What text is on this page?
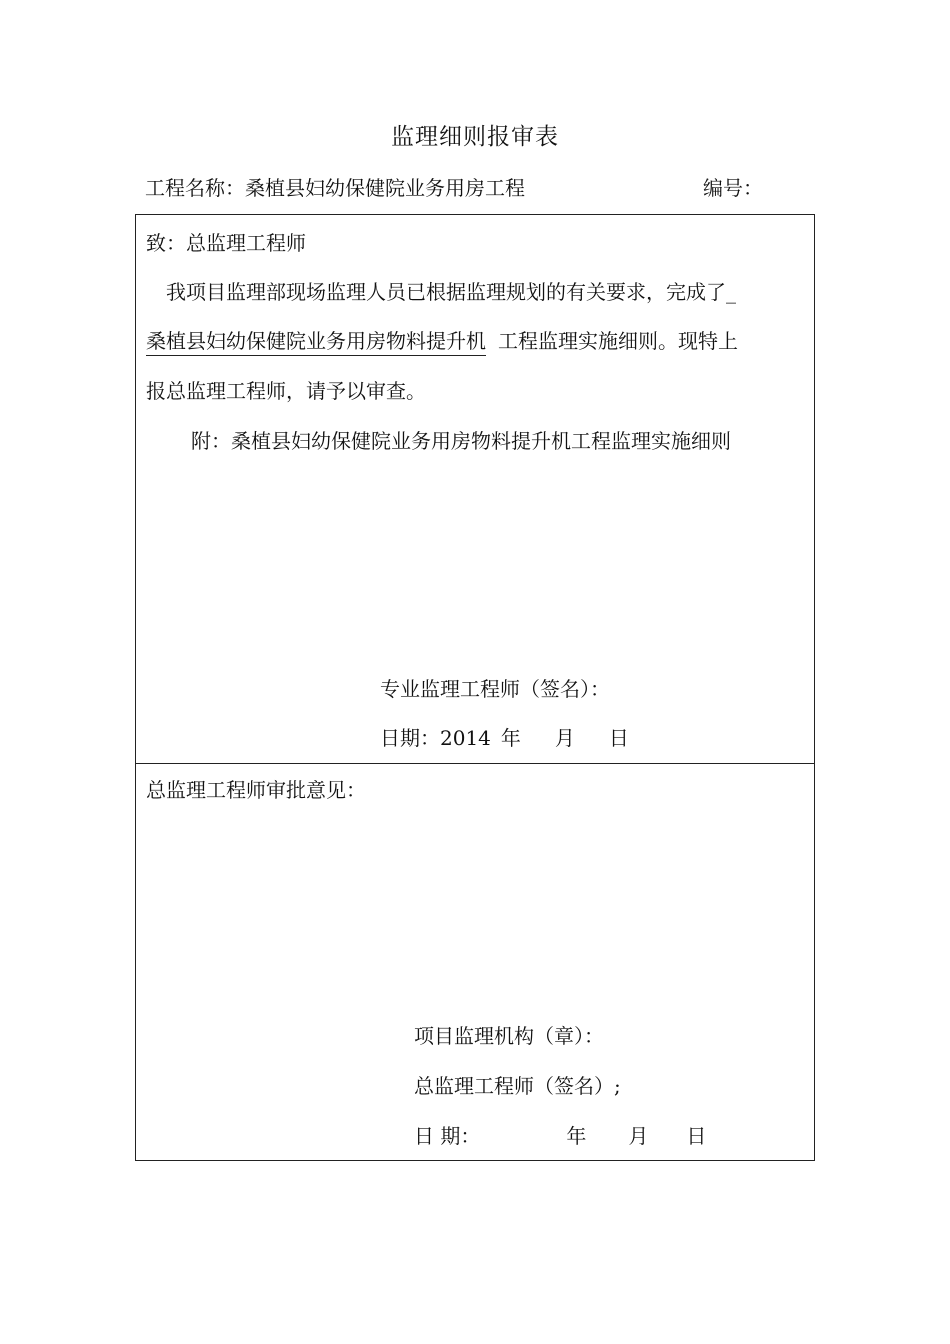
监理细则报审表
工程名称：桑植县妇幼保健院业务用房工程	编号：
致：总监理工程师
我项目监理部现场监理人员已根据监理规划的有关要求，完成了_
桑植县妇幼保健院业务用房物料提升机 工程监理实施细则。现特上
报总监理工程师，请予以审查。
附：桑植县妇幼保健院业务用房物料提升机工程监理实施细则
专业监理工程师（签名）：
日期：2014 年 月 日
总监理工程师审批意见：
项目监理机构（章）：
总监理工程师（签名）;
日 期：	年 月 日
